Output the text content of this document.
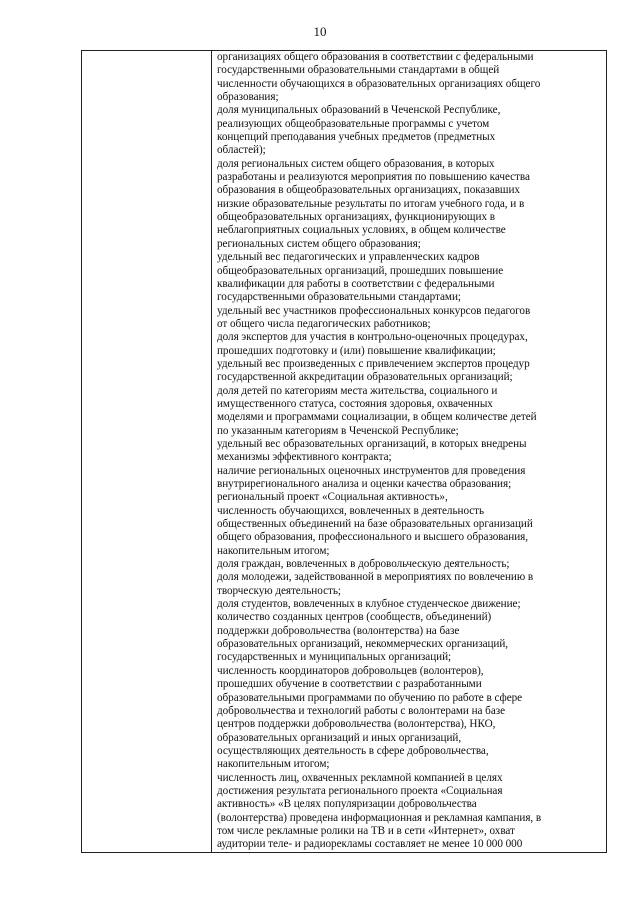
10

организациях общего образования в соответствии с федеральными
государственными образовательными стандартами в общей
численности обучающихся в образовательных организациях общего
образования;
доля муниципальных образований в Чеченской Республике,
реализующих общеобразовательные программы с учетом
концепций преподавания учебных предметов (предметных
областей);
доля региональных систем общего образования, в которых
разработаны и реализуются мероприятия по повышению качества
образования в общеобразовательных организациях, показавших
низкие образовательные результаты по итогам учебного года, и в
общеобразовательных организациях, функционирующих в
неблагоприятных социальных условиях, в общем количестве
региональных систем общего образования;
удельный вес педагогических и управленческих кадров
общеобразовательных организаций, прошедших повышение
квалификации для работы в соответствии с федеральными
государственными образовательными стандартами;
удельный вес участников профессиональных конкурсов педагогов
от общего числа педагогических работников;
доля экспертов для участия в контрольно-оценочных процедурах,
прошедших подготовку и (или) повышение квалификации;
удельный вес произведенных с привлечением экспертов процедур
государственной аккредитации образовательных организаций;
доля детей по категориям места жительства, социального и
имущественного статуса, состояния здоровья, охваченных
моделями и программами социализации, в общем количестве детей
по указанным категориям в Чеченской Республике;
удельный вес образовательных организаций, в которых внедрены
механизмы эффективного контракта;
наличие региональных оценочных инструментов для проведения
внутрирегионального анализа и оценки качества образования;
региональный проект «Социальная активность»,
численность обучающихся, вовлеченных в деятельность
общественных объединений на базе образовательных организаций
общего образования, профессионального и высшего образования,
накопительным итогом;
доля граждан, вовлеченных в добровольческую деятельность;
доля молодежи, задействованной в мероприятиях по вовлечению в
творческую деятельность;
доля студентов, вовлеченных в клубное студенческое движение;
количество созданных центров (сообществ, объединений)
поддержки добровольчества (волонтерства) на базе
образовательных организаций, некоммерческих организаций,
государственных и муниципальных организаций;
численность координаторов добровольцев (волонтеров),
прошедших обучение в соответствии с разработанными
образовательными программами по обучению по работе в сфере
добровольчества и технологий работы с волонтерами на базе
центров поддержки добровольчества (волонтерства), НКО,
образовательных организаций и иных организаций,
осуществляющих деятельность в сфере добровольчества,
накопительным итогом;
численность лиц, охваченных рекламной компанией в целях
достижения результата регионального проекта «Социальная
активность» «В целях популяризации добровольчества
(волонтерства) проведена информационная и рекламная кампания, в
том числе рекламные ролики на ТВ и в сети «Интернет», охват
аудитории теле- и радиорекламы составляет не менее 10 000 000
